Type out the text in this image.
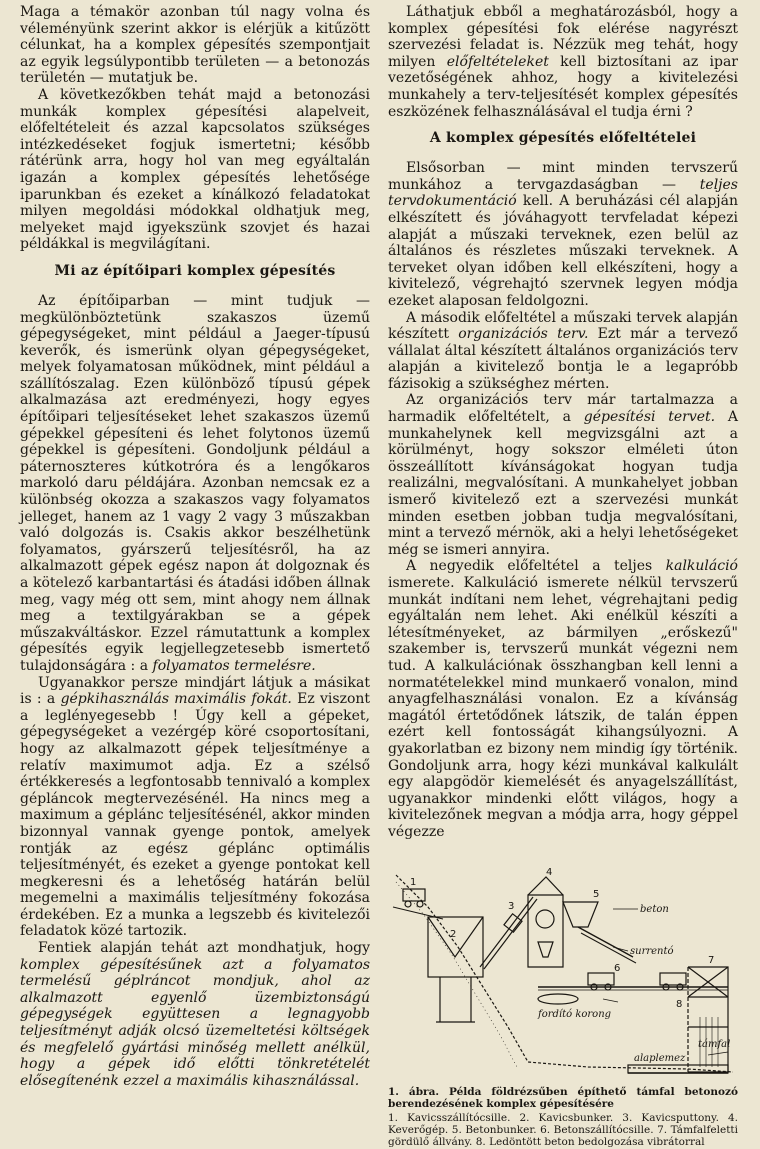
Maga a témakör azonban túl nagy volna és véleményünk szerint akkor is elérjük a kitűzött célunkat, ha a komplex gépesítés szempontjait az egyik legsúlypontibb területen — a betonozás területén — mutatjuk be.

A következőkben tehát majd a betonozási munkák komplex gépesítési alapelveit, előfeltételeit és azzal kapcsolatos szükséges intézkedéseket fogjuk ismertetni; később rátérünk arra, hogy hol van meg egyáltalán igazán a komplex gépesítés lehetősége iparunkban és ezeket a kínálkozó feladatokat milyen megoldási módokkal oldhatjuk meg, melyeket majd igyekszünk szovjet és hazai példákkal is megvilágítani.

Mi az építőipari komplex gépesítés

Az építőiparban — mint tudjuk — megkülönböztetünk szakaszos üzemű gépegységeket, mint például a Jaeger-típusú keverők, és ismerünk olyan gépegységeket, melyek folyamatosan működnek, mint például a szállítószalag. Ezen különböző típusú gépek alkalmazása azt eredményezi, hogy egyes építőipari teljesítéseket lehet szakaszos üzemű gépekkel gépesíteni és lehet folytonos üzemű gépekkel is gépesíteni. Gondoljunk például a páternoszteres kútkotróra és a lengőkaros markoló daru példájára. Azonban nemcsak ez a különbség okozza a szakaszos vagy folyamatos jelleget, hanem az 1 vagy 2 vagy 3 műszakban való dolgozás is. Csakis akkor beszélhetünk folyamatos, gyárszerű teljesítésről, ha az alkalmazott gépek egész napon át dolgoznak és a kötelező karbantartási és átadási időben állnak meg, vagy még ott sem, mint ahogy nem állnak meg a textilgyárakban se a gépek műszakváltáskor. Ezzel rámutattunk a komplex gépesítés egyik legjellegzetesebb ismertető tulajdonságára : a folyamatos termelésre.

Ugyanakkor persze mindjárt látjuk a másikat is : a gépkihasználás maximális fokát. Ez viszont a leglényegesebb ! Úgy kell a gépeket, gépegységeket a vezérgép köré csoportosítani, hogy az alkalmazott gépek teljesítménye a relatív maximumot adja. Ez a szélső értékkeresés a legfontosabb tennivaló a komplex gépláncok megtervezésénél. Ha nincs meg a maximum a géplánc teljesítésénél, akkor minden bizonnyal vannak gyenge pontok, amelyek rontják az egész géplánc optimális teljesítményét, és ezeket a gyenge pontokat kell megkeresni és a lehetőség határán belül megemelni a maximális teljesítmény fokozása érdekében. Ez a munka a legszebb és kivitelezői feladatok közé tartozik.

Fentiek alapján tehát azt mondhatjuk, hogy komplex gépesítésűnek azt a folyamatos termelésű géplráncot mondjuk, ahol az alkalmazott egyenlő üzembiztonságú gépegységek együttesen a legnagyobb teljesítményt adják olcsó üzemeltetési költségek és megfelelő gyártási minőség mellett anélkül, hogy a gépek idő előtti tönkretételét elősegítenénk ezzel a maximális kihasználással.

Láthatjuk ebből a meghatározásból, hogy a komplex gépesítési fok elérése nagyrészt szervezési feladat is. Nézzük meg tehát, hogy milyen előfeltételeket kell biztosítani az ipar vezetőségének ahhoz, hogy a kivitelezési munkahely a terv-teljesítését komplex gépesítés eszközének felhasználásával el tudja érni ?

A komplex gépesítés előfeltételei

Elsősorban — mint minden tervszerű munkához a tervgazdaságban — teljes tervdokumentáció kell. A beruházási cél alapján elkészített és jóváhagyott tervfeladat képezi alapját a műszaki terveknek, ezen belül az általános és részletes műszaki terveknek. A terveket olyan időben kell elkészíteni, hogy a kivitelező, végrehajtó szervnek legyen módja ezeket alaposan feldolgozni.

A második előfeltétel a műszaki tervek alapján készített organizációs terv. Ezt már a tervező vállalat által készített általános organizációs terv alapján a kivitelező bontja le a legapróbb fázisokig a szükséghez mérten.

Az organizációs terv már tartalmazza a harmadik előfeltételt, a gépesítési tervet. A munkahelynek kell megvizsgálni azt a körülményt, hogy sokszor elméleti úton összeállított kívánságokat hogyan tudja realizálni, megvalósítani. A munkahelyet jobban ismerő kivitelező ezt a szervezési munkát minden esetben jobban tudja megvalósítani, mint a tervező mérnök, aki a helyi lehetőségeket még se ismeri annyira.

A negyedik előfeltétel a teljes kalkuláció ismerete. Kalkuláció ismerete nélkül tervszerű munkát indítani nem lehet, végrehajtani pedig egyáltalán nem lehet. Aki enélkül készíti a létesítményeket, az bármilyen „erőskezű" szakember is, tervszerű munkát végezni nem tud. A kalkulációnak összhangban kell lenni a normatételekkel mind munkaerő vonalon, mind anyagfelhasználási vonalon. Ez a kívánság magától értetődőnek látszik, de talán éppen ezért kell fontosságát kihangsúlyozni. A gyakorlatban ez bizony nem mindig így történik. Gondoljunk arra, hogy kézi munkával kalkulált egy alapgödör kiemelését és anyagelszállítást, ugyanakkor mindenki előtt világos, hogy a kivitelezőnek megvan a módja arra, hogy géppel végezze

beton
surrentó
fordító korong
támfal
alaplemez
1
2
3
4
5
6
7
8
1. ábra. Példa földrézsűben építhető támfal betonozó berendezésének komplex gépesítésére
1. Kavicsszállítócsille. 2. Kavicsbunker. 3. Kavicsputtony. 4. Keverőgép. 5. Betonbunker. 6. Betonszállítócsille. 7. Támfalfeletti gördülő állvány. 8. Ledöntött beton bedolgozása vibrátorral
